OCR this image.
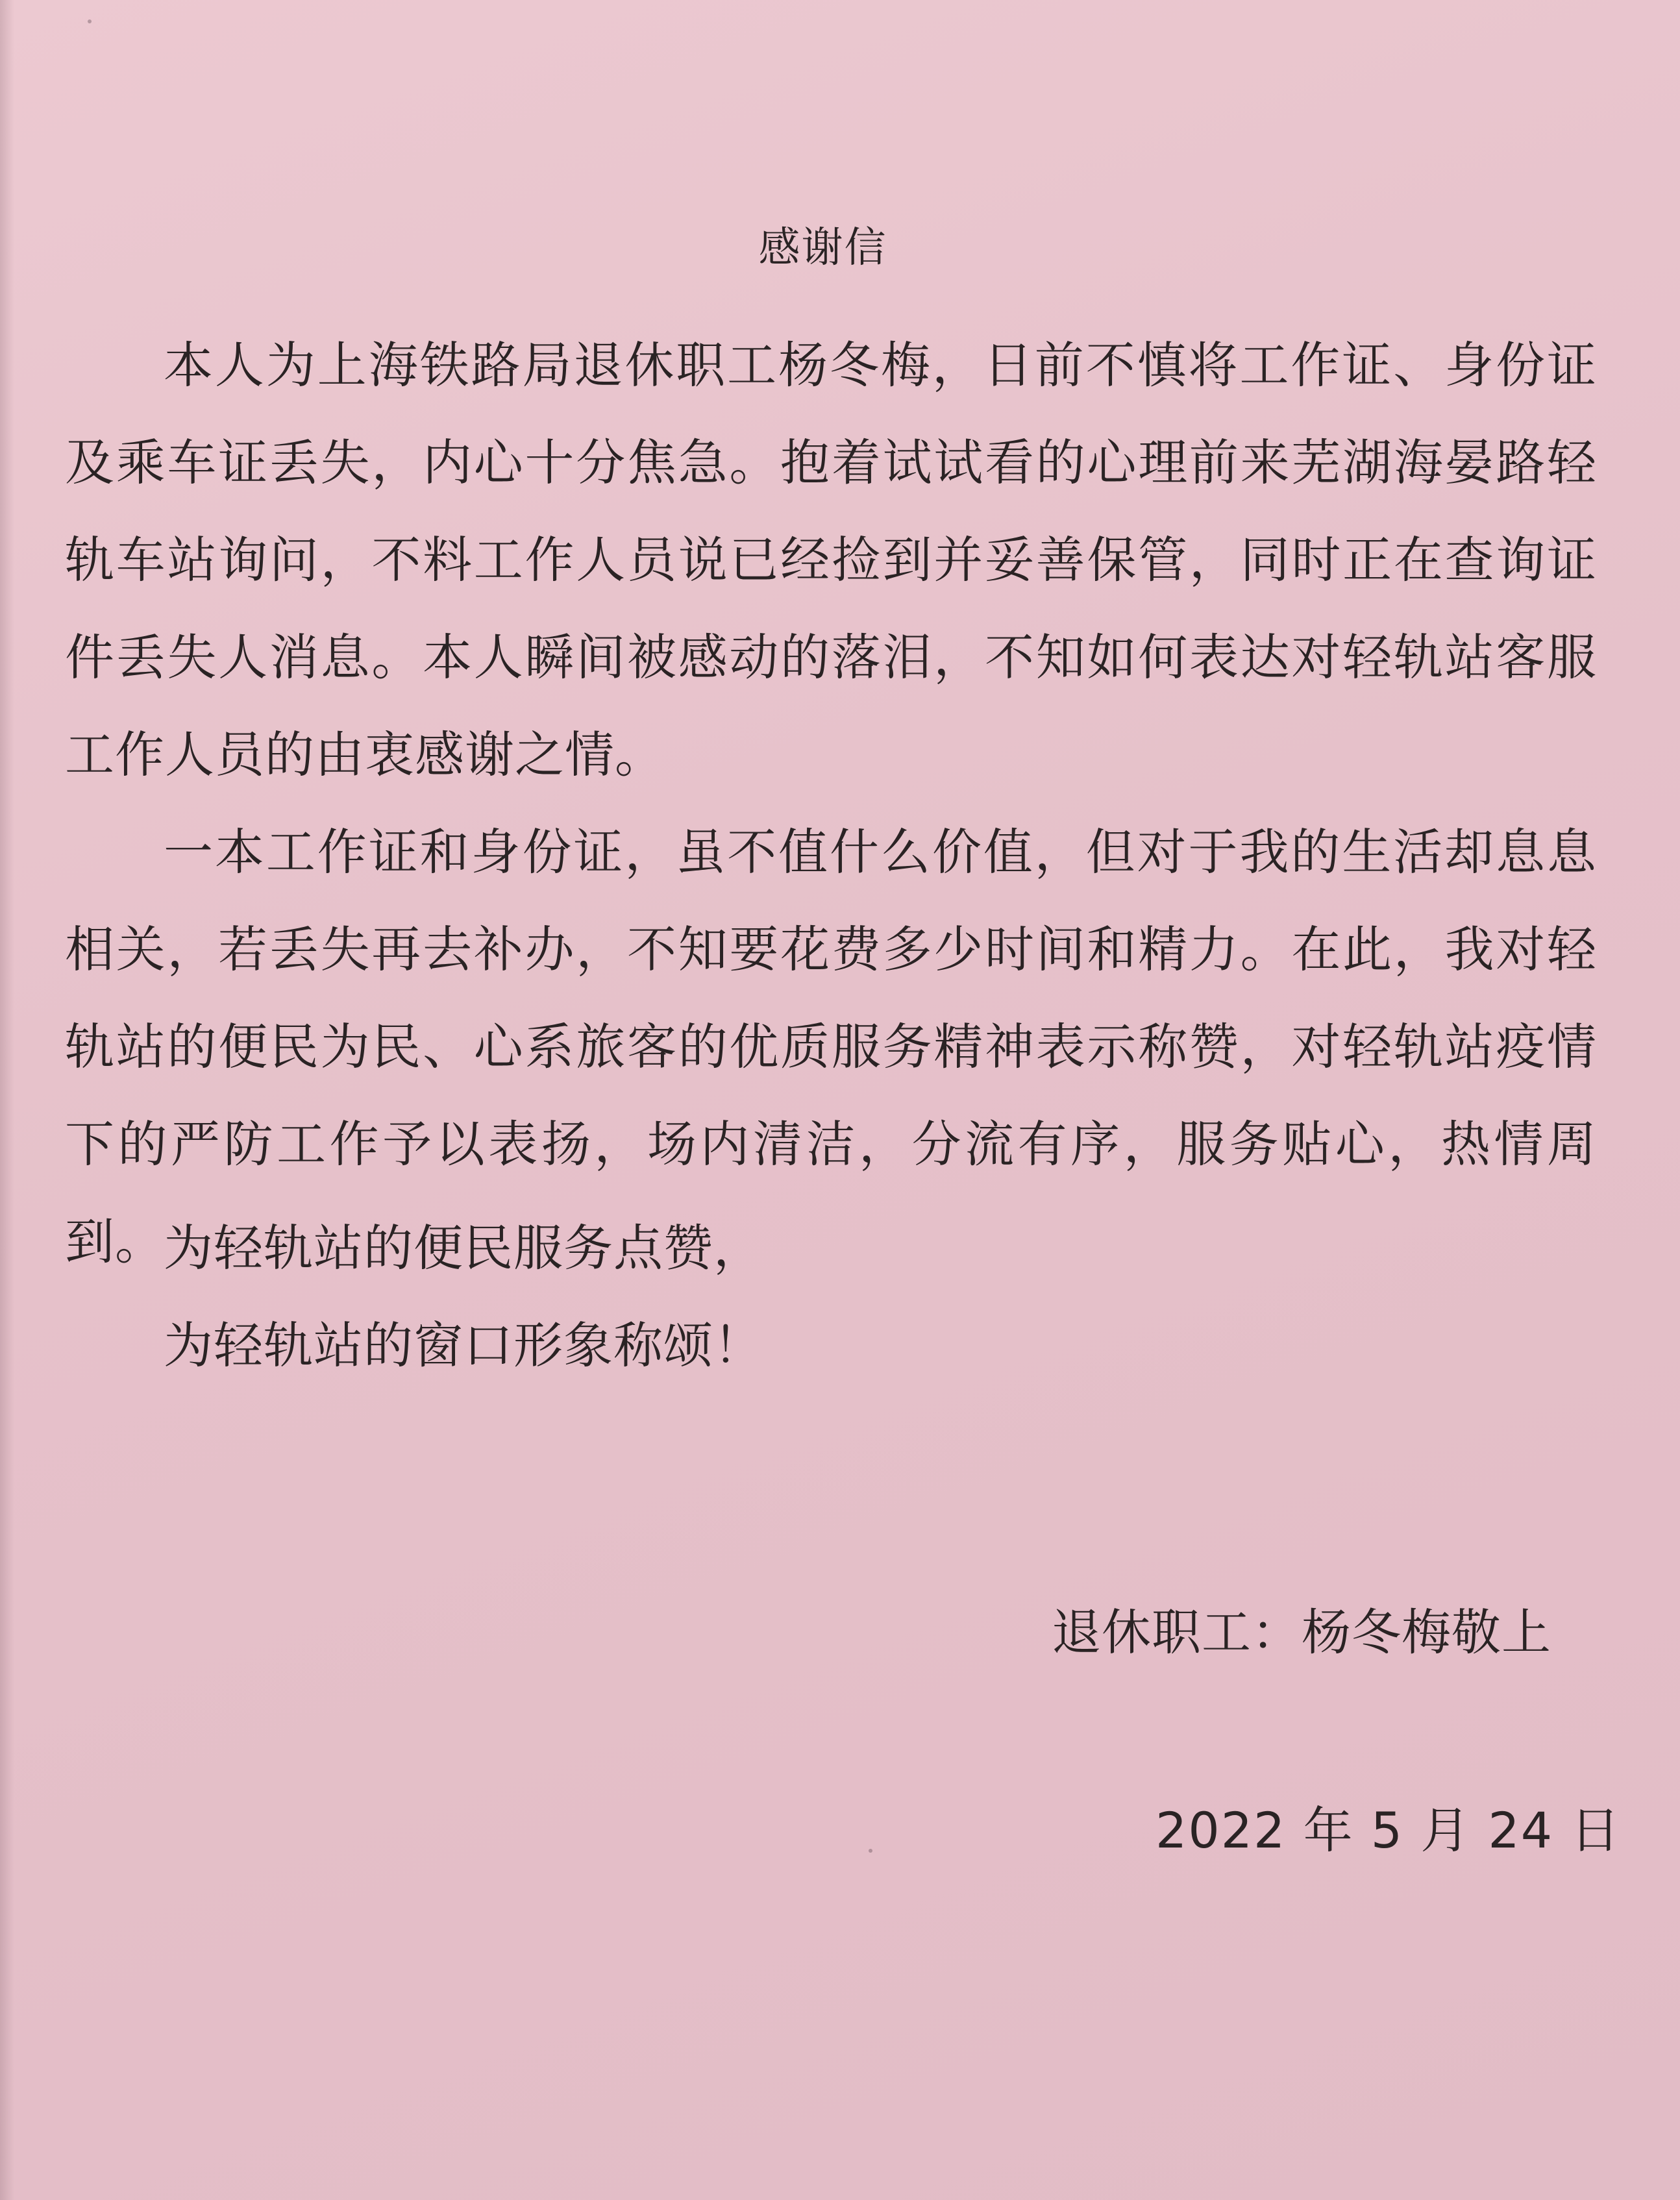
感谢信

本人为上海铁路局退休职工杨冬梅，日前不慎将工作证、身份证及乘车证丢失，内心十分焦急。抱着试试看的心理前来芜湖海晏路轻轨车站询问，不料工作人员说已经捡到并妥善保管，同时正在查询证件丢失人消息。本人瞬间被感动的落泪，不知如何表达对轻轨站客服工作人员的由衷感谢之情。

一本工作证和身份证，虽不值什么价值，但对于我的生活却息息相关，若丢失再去补办，不知要花费多少时间和精力。在此，我对轻轨站的便民为民、心系旅客的优质服务精神表示称赞，对轻轨站疫情下的严防工作予以表扬，场内清洁，分流有序，服务贴心，热情周到。

为轻轨站的便民服务点赞，
为轻轨站的窗口形象称颂！
退休职工：杨冬梅敬上
2022 年 5 月 24 日
